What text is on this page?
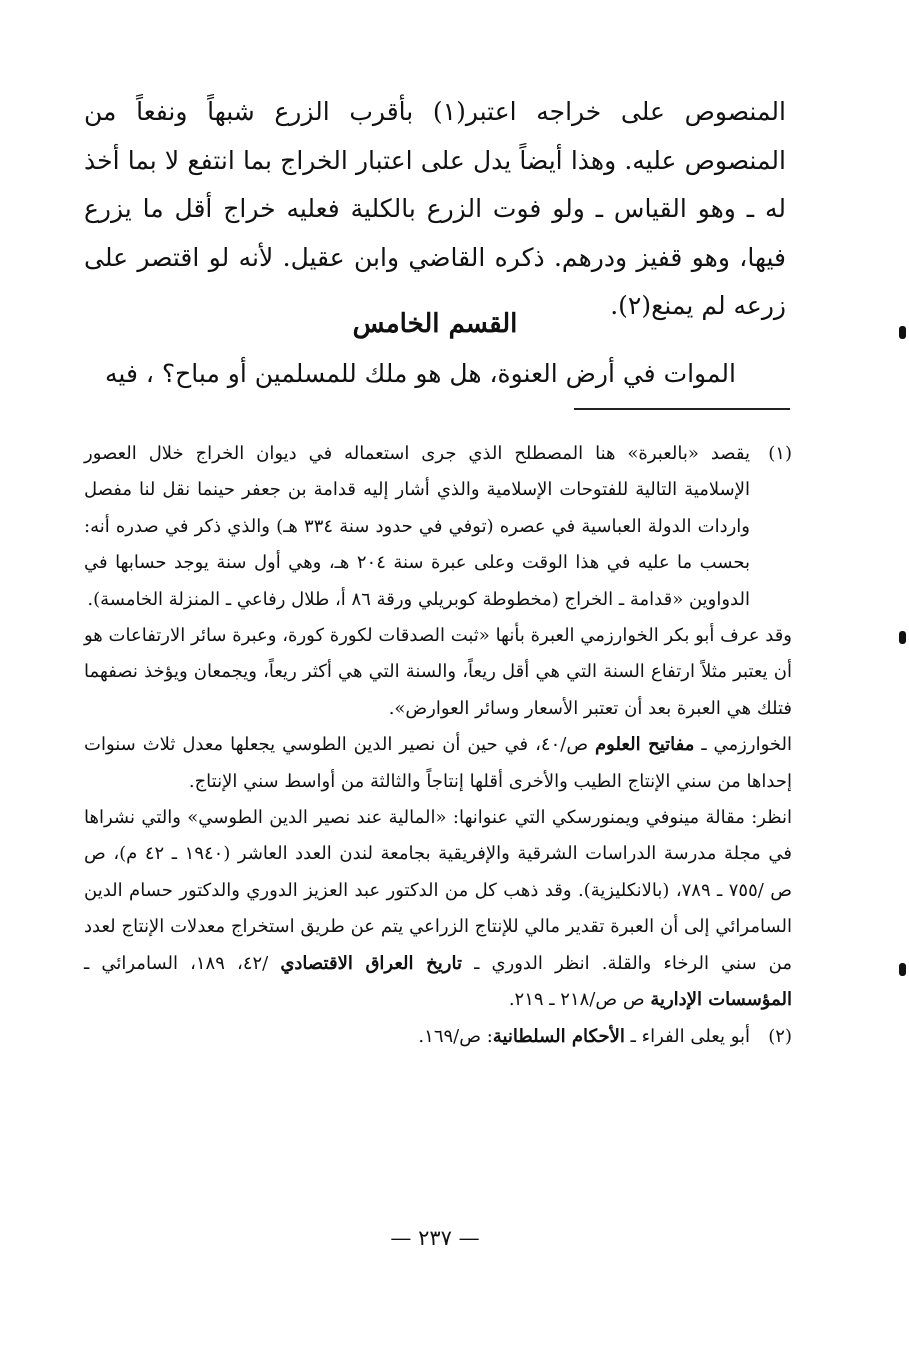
المنصوص على خراجه اعتبر(١) بأقرب الزرع شبهاً ونفعاً من المنصوص عليه. وهذا أيضاً يدل على اعتبار الخراج بما انتفع لا بما أخذ له ـ وهو القياس ـ ولو فوت الزرع بالكلية فعليه خراج أقل ما يزرع فيها، وهو قفيز ودرهم. ذكره القاضي وابن عقيل. لأنه لو اقتصر على زرعه لم يمنع(٢).
القسم الخامس
الموات في أرض العنوة، هل هو ملك للمسلمين أو مباح؟ ، فيه
(١)

يقصد «بالعبرة» هنا المصطلح الذي جرى استعماله في ديوان الخراج خلال العصور الإسلامية التالية للفتوحات الإسلامية والذي أشار إليه قدامة بن جعفر حينما نقل لنا مفصل واردات الدولة العباسية في عصره (توفي في حدود سنة ٣٣٤ هـ) والذي ذكر في صدره أنه: بحسب ما عليه في هذا الوقت وعلى عبرة سنة ٢٠٤ هـ، وهي أول سنة يوجد حسابها في الدواوين «قدامة ـ الخراج (مخطوطة كوبريلي ورقة ٨٦ أ، طلال رفاعي ـ المنزلة الخامسة).

وقد عرف أبو بكر الخوارزمي العبرة بأنها «ثبت الصدقات لكورة كورة، وعبرة سائر الارتفاعات هو أن يعتبر مثلاً ارتفاع السنة التي هي أقل ريعاً، والسنة التي هي أكثر ريعاً، ويجمعان ويؤخذ نصفهما فتلك هي العبرة بعد أن تعتبر الأسعار وسائر العوارض».

الخوارزمي ـ مفاتيح العلوم ص/٤٠، في حين أن نصير الدين الطوسي يجعلها معدل ثلاث سنوات إحداها من سني الإنتاج الطيب والأخرى أقلها إنتاجاً والثالثة من أواسط سني الإنتاج.

انظر: مقالة مينوفي ويمنورسكي التي عنوانها: «المالية عند نصير الدين الطوسي» والتي نشراها في مجلة مدرسة الدراسات الشرقية والإفريقية بجامعة لندن العدد العاشر (١٩٤٠ ـ ٤٢ م)، ص ص /٧٥٥ ـ ٧٨٩، (بالانكليزية). وقد ذهب كل من الدكتور عبد العزيز الدوري والدكتور حسام الدين السامرائي إلى أن العبرة تقدير مالي للإنتاج الزراعي يتم عن طريق استخراج معدلات الإنتاج لعدد من سني الرخاء والقلة. انظر الدوري ـ تاريخ العراق الاقتصادي /٤٢، ١٨٩، السامرائي ـ المؤسسات الإدارية ص ص/٢١٨ ـ ٢١٩.

(٢)

أبو يعلى الفراء ـ الأحكام السلطانية: ص/١٦٩.

— ٢٣٧ —
